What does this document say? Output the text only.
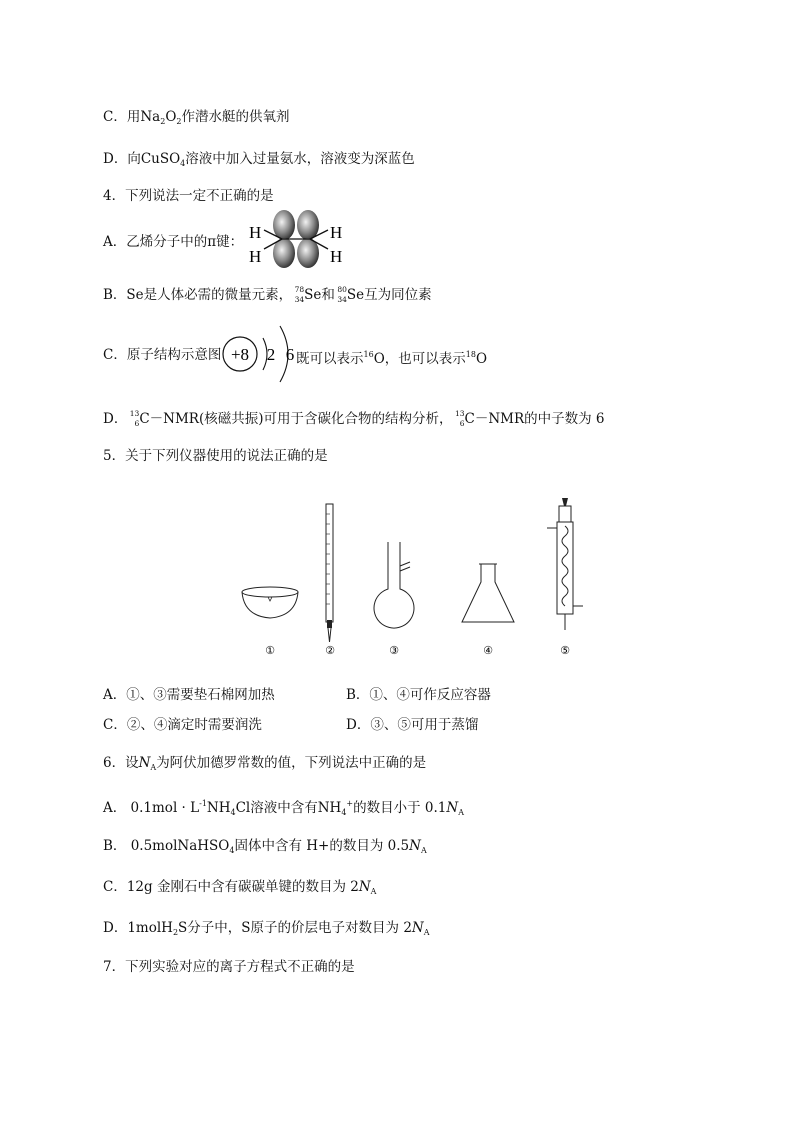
C．用$Na_2O_2$作潜水艇的供氧剂
D．向CuSO$_4$溶液中加入过量氨水，溶液变为深蓝色
4．下列说法一定不正确的是
A．乙烯分子中的π键： H
H
H
H
B．Se是人体必需的微量元素， 78
34 Se和 80
34 Se互为同位素
C．原子结构示意图 +8 2 6 既可以表示$^{16}$O，也可以表示$^{18}$O
D． 13
6 C－NMR(核磁共振)可用于含碳化合物的结构分析， 13
6 C－NMR的中子数为 6
5．关于下列仪器使用的说法正确的是
①	②	③	④	⑤
A．①、③需要垫石棉网加热	B．①、④可作反应容器
C．②、④滴定时需要润洗	D．③、⑤可用于蒸馏
6．设$N_A$为阿伏加德罗常数的值，下列说法中正确的是
A． $0.1mol \cdot L^{-1}NH_4Cl$溶液中含有$NH_4^+$的数目小于 $0.1N_A$
B． 0.5molNaHSO$_4$固体中含有 H+的数目为 $0.5N_A$
C．12g 金刚石中含有碳碳单键的数目为 $2N_A$
D．1molH$_2$S分子中，S原子的价层电子对数目为 $2N_A$
7．下列实验对应的离子方程式不正确的是
